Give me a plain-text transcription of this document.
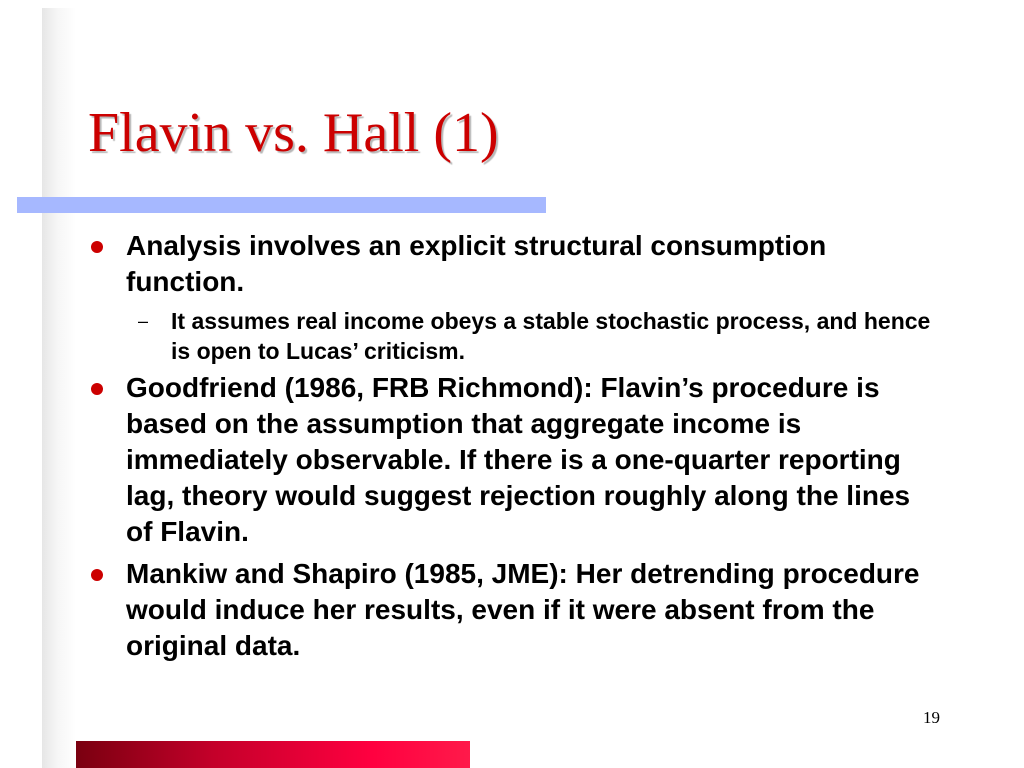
Flavin vs. Hall (1)
Analysis involves an explicit structural consumption function.
– It assumes real income obeys a stable stochastic process, and hence is open to Lucas’ criticism.
Goodfriend (1986, FRB Richmond): Flavin’s procedure is based on the assumption that aggregate income is immediately observable. If there is a one-quarter reporting lag, theory would suggest rejection roughly along the lines of Flavin.
Mankiw and Shapiro (1985, JME): Her detrending procedure would induce her results, even if it were absent from the original data.
19
